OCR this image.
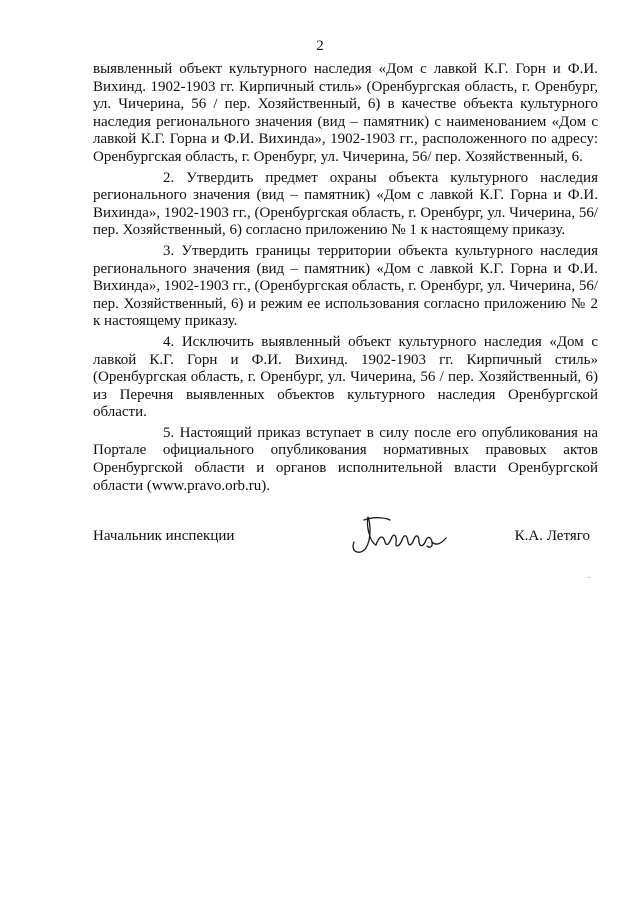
2

выявленный объект культурного наследия «Дом с лавкой К.Г. Горн и Ф.И. Вихинд. 1902-1903 гг. Кирпичный стиль» (Оренбургская область, г. Оренбург, ул. Чичерина, 56 / пер. Хозяйственный, 6) в качестве объекта культурного наследия регионального значения (вид – памятник) с наименованием «Дом с лавкой К.Г. Горна и Ф.И. Вихинда», 1902-1903 гг., расположенного по адресу: Оренбургская область, г. Оренбург, ул. Чичерина, 56/ пер. Хозяйственный, 6.

2. Утвердить предмет охраны объекта культурного наследия регионального значения (вид – памятник) «Дом с лавкой К.Г. Горна и Ф.И. Вихинда», 1902-1903 гг., (Оренбургская область, г. Оренбург, ул. Чичерина, 56/ пер. Хозяйственный, 6) согласно приложению № 1 к настоящему приказу.

3. Утвердить границы территории объекта культурного наследия регионального значения (вид – памятник) «Дом с лавкой К.Г. Горна и Ф.И. Вихинда», 1902-1903 гг., (Оренбургская область, г. Оренбург, ул. Чичерина, 56/ пер. Хозяйственный, 6) и режим ее использования согласно приложению № 2 к настоящему приказу.

4. Исключить выявленный объект культурного наследия «Дом с лавкой К.Г. Горн и Ф.И. Вихинд. 1902-1903 гг. Кирпичный стиль» (Оренбургская область, г. Оренбург, ул. Чичерина, 56 / пер. Хозяйственный, 6) из Перечня выявленных объектов культурного наследия Оренбургской области.

5. Настоящий приказ вступает в силу после его опубликования на Портале официального опубликования нормативных правовых актов Оренбургской области и органов исполнительной власти Оренбургской области (www.pravo.orb.ru).

Начальник инспекции	К.А. Летяго
